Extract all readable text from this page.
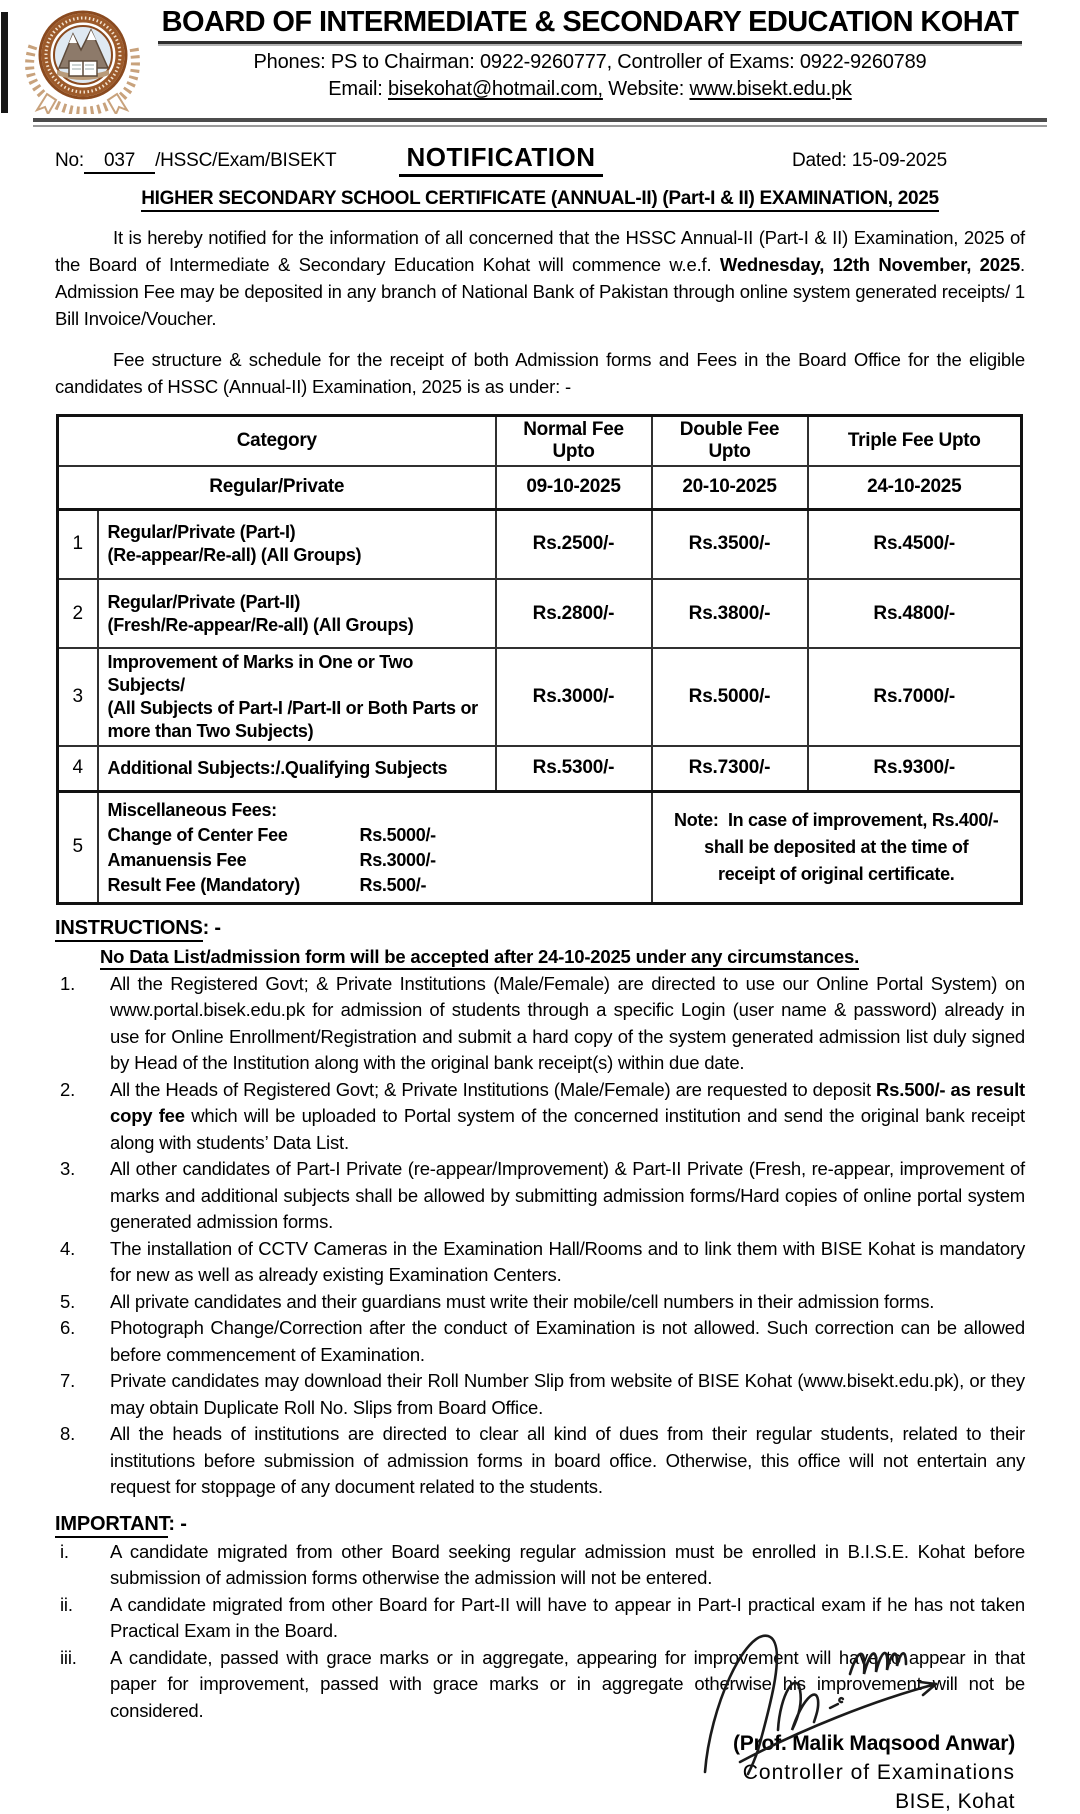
BOARD OF INTERMEDIATE & SECONDARY EDUCATION KOHAT
Phones: PS to Chairman: 0922-9260777, Controller of Exams: 0922-9260789
Email: bisekohat@hotmail.com, Website: www.bisekt.edu.pk
No: 037 /HSSC/Exam/BISEKT	NOTIFICATION	Dated: 15-09-2025
HIGHER SECONDARY SCHOOL CERTIFICATE (ANNUAL-II) (Part-I & II) EXAMINATION, 2025
It is hereby notified for the information of all concerned that the HSSC Annual-II (Part-I & II) Examination, 2025 of the Board of Intermediate & Secondary Education Kohat will commence w.e.f. Wednesday, 12th November, 2025. Admission Fee may be deposited in any branch of National Bank of Pakistan through online system generated receipts/ 1 Bill Invoice/Voucher.
Fee structure & schedule for the receipt of both Admission forms and Fees in the Board Office for the eligible candidates of HSSC (Annual-II) Examination, 2025 is as under: -
Category		Normal Fee Upto	Double Fee Upto	Triple Fee Upto
Regular/Private		09-10-2025	20-10-2025	24-10-2025
1	Regular/Private (Part-I)
(Re-appear/Re-all) (All Groups)	Rs.2500/-	Rs.3500/-	Rs.4500/-
2	Regular/Private (Part-II)
(Fresh/Re-appear/Re-all) (All Groups)	Rs.2800/-	Rs.3800/-	Rs.4800/-
3	Improvement of Marks in One or Two Subjects/
(All Subjects of Part-I /Part-II or Both Parts or
more than Two Subjects)	Rs.3000/-	Rs.5000/-	Rs.7000/-
4	Additional Subjects:/.Qualifying Subjects	Rs.5300/-	Rs.7300/-	Rs.9300/-
5	
Miscellaneous Fees:
Change of Center Fee	Rs.5000/-
Amanuensis Fee	Rs.3000/-
Result Fee (Mandatory)	Rs.500/-

Note: In case of improvement, Rs.400/-
shall be deposited at the time of
receipt of original certificate.
INSTRUCTIONS: -
No Data List/admission form will be accepted after 24-10-2025 under any circumstances.
1.	All the Registered Govt; & Private Institutions (Male/Female) are directed to use our Online Portal System) on www.portal.bisek.edu.pk for admission of students through a specific Login (user name & password) already in use for Online Enrollment/Registration and submit a hard copy of the system generated admission list duly signed by Head of the Institution along with the original bank receipt(s) within due date.
2.	All the Heads of Registered Govt; & Private Institutions (Male/Female) are requested to deposit Rs.500/- as result copy fee which will be uploaded to Portal system of the concerned institution and send the original bank receipt along with students’ Data List.
3.	All other candidates of Part-I Private (re-appear/Improvement) & Part-II Private (Fresh, re-appear, improvement of marks and additional subjects shall be allowed by submitting admission forms/Hard copies of online portal system generated admission forms.
4.	The installation of CCTV Cameras in the Examination Hall/Rooms and to link them with BISE Kohat is mandatory for new as well as already existing Examination Centers.
5.	All private candidates and their guardians must write their mobile/cell numbers in their admission forms.
6.	Photograph Change/Correction after the conduct of Examination is not allowed. Such correction can be allowed before commencement of Examination.
7.	Private candidates may download their Roll Number Slip from website of BISE Kohat (www.bisekt.edu.pk), or they may obtain Duplicate Roll No. Slips from Board Office.
8.	All the heads of institutions are directed to clear all kind of dues from their regular students, related to their institutions before submission of admission forms in board office. Otherwise, this office will not entertain any request for stoppage of any document related to the students.
IMPORTANT: -
i.	A candidate migrated from other Board seeking regular admission must be enrolled in B.I.S.E. Kohat before submission of admission forms otherwise the admission will not be entered.
ii.	A candidate migrated from other Board for Part-II will have to appear in Part-I practical exam if he has not taken Practical Exam in the Board.
iii.	A candidate, passed with grace marks or in aggregate, appearing for improvement will have to appear in that paper for improvement, passed with grace marks or in aggregate otherwise his improvement will not be considered.
(Prof. Malik Maqsood Anwar)
Controller of Examinations
BISE, Kohat
